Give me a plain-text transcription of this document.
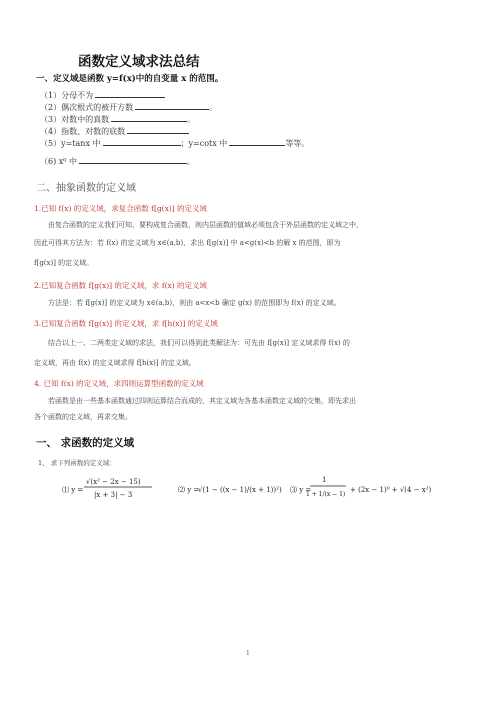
函数定义域求法总结
一、定义域是函数 y=f(x)中的自变量 x 的范围。
（1）分母不为
（2）偶次根式的被开方数	。
（3）对数中的真数	。
（4）指数、对数的底数
（5）y=tanx 中	；y=cotx 中	等等。
（6) x⁰ 中	。
二、抽象函数的定义域
1.已知 f(x) 的定义域，求复合函数 f[g(x)] 的定义域
由复合函数的定义我们可知，要构成复合函数，则内层函数的值域必须包含于外层函数的定义域之中，
因此可得其方法为：若 f(x) 的定义域为 x∈(a,b)，求出 f[g(x)] 中 a<g(x)<b 的解 x 的范围，即为
f[g(x)] 的定义域。
2.已知复合函数 f[g(x)] 的定义域，求 f(x) 的定义域
方法是：若 f[g(x)] 的定义域为 x∈(a,b)，则由 a<x<b 确定 g(x) 的范围即为 f(x) 的定义域。
3.已知复合函数 f[g(x)] 的定义域，求 f[h(x)] 的定义域
结合以上一、二两类定义域的求法，我们可以得到此类解法为：可先由 f[g(x)] 定义域求得 f(x) 的
定义域，再由 f(x) 的定义域求得 f[h(x)] 的定义域。
4. 已知 f(x) 的定义域，求四则运算型函数的定义域
若函数是由一些基本函数通过四则运算结合而成的，其定义域为各基本函数定义域的交集，即先求出
各个函数的定义域，再求交集。
一、 求函数的定义域
1、 求下列函数的定义域：
⑴ y =
√(x² − 2x − 15)
|x + 3| − 3
⑵ y =
√(1 − ((x − 1)/(x + 1))²) ⑶ y =
1
1 + 1/(x − 1)
+ (2x − 1)⁰ + √(4 − x²)
1
